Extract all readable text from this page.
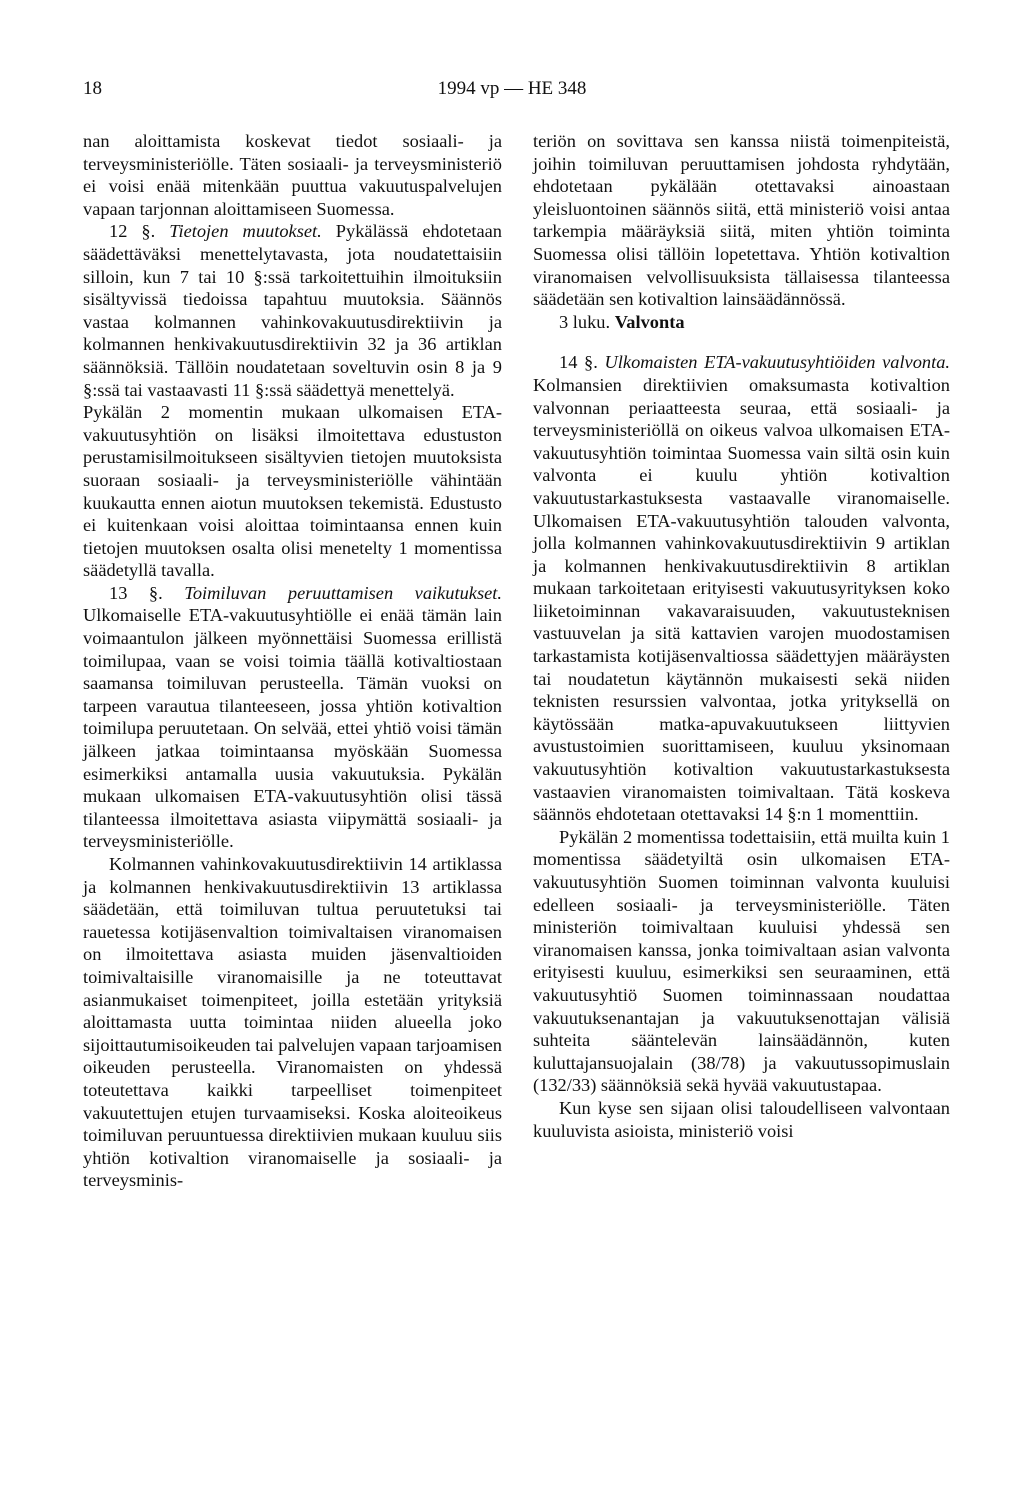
18	1994 vp — HE 348

nan aloittamista koskevat tiedot sosiaali- ja terveysministeriölle. Täten sosiaali- ja terveysministeriö ei voisi enää mitenkään puuttua vakuutuspalvelujen vapaan tarjonnan aloittamiseen Suomessa.

12 §. Tietojen muutokset. Pykälässä ehdotetaan säädettäväksi menettelytavasta, jota noudatettaisiin silloin, kun 7 tai 10 §:ssä tarkoitettuihin ilmoituksiin sisältyvissä tiedoissa tapahtuu muutoksia. Säännös vastaa kolmannen vahinkovakuutusdirektiivin ja kolmannen henkivakuutusdirektiivin 32 ja 36 artiklan säännöksiä. Tällöin noudatetaan soveltuvin osin 8 ja 9 §:ssä tai vastaavasti 11 §:ssä säädettyä menettelyä.

Pykälän 2 momentin mukaan ulkomaisen ETA-vakuutusyhtiön on lisäksi ilmoitettava edustuston perustamisilmoitukseen sisältyvien tietojen muutoksista suoraan sosiaali- ja terveysministeriölle vähintään kuukautta ennen aiotun muutoksen tekemistä. Edustusto ei kuitenkaan voisi aloittaa toimintaansa ennen kuin tietojen muutoksen osalta olisi menetelty 1 momentissa säädetyllä tavalla.

13 §. Toimiluvan peruuttamisen vaikutukset. Ulkomaiselle ETA-vakuutusyhtiölle ei enää tämän lain voimaantulon jälkeen myönnettäisi Suomessa erillistä toimilupaa, vaan se voisi toimia täällä kotivaltiostaan saamansa toimiluvan perusteella. Tämän vuoksi on tarpeen varautua tilanteeseen, jossa yhtiön kotivaltion toimilupa peruutetaan. On selvää, ettei yhtiö voisi tämän jälkeen jatkaa toimintaansa myöskään Suomessa esimerkiksi antamalla uusia vakuutuksia. Pykälän mukaan ulkomaisen ETA-vakuutusyhtiön olisi tässä tilanteessa ilmoitettava asiasta viipymättä sosiaali- ja terveysministeriölle.

Kolmannen vahinkovakuutusdirektiivin 14 artiklassa ja kolmannen henkivakuutusdirektiivin 13 artiklassa säädetään, että toimiluvan tultua peruutetuksi tai rauetessa kotijäsenvaltion toimivaltaisen viranomaisen on ilmoitettava asiasta muiden jäsenvaltioiden toimivaltaisille viranomaisille ja ne toteuttavat asianmukaiset toimenpiteet, joilla estetään yrityksiä aloittamasta uutta toimintaa niiden alueella joko sijoittautumisoikeuden tai palvelujen vapaan tarjoamisen oikeuden perusteella. Viranomaisten on yhdessä toteutettava kaikki tarpeelliset toimenpiteet vakuutettujen etujen turvaamiseksi. Koska aloiteoikeus toimiluvan peruuntuessa direktiivien mukaan kuuluu siis yhtiön kotivaltion viranomaiselle ja sosiaali- ja terveysminis-

teriön on sovittava sen kanssa niistä toimenpiteistä, joihin toimiluvan peruuttamisen johdosta ryhdytään, ehdotetaan pykälään otettavaksi ainoastaan yleisluontoinen säännös siitä, että ministeriö voisi antaa tarkempia määräyksiä siitä, miten yhtiön toiminta Suomessa olisi tällöin lopetettava. Yhtiön kotivaltion viranomaisen velvollisuuksista tällaisessa tilanteessa säädetään sen kotivaltion lainsäädännössä.

3 luku. Valvonta

14 §. Ulkomaisten ETA-vakuutusyhtiöiden valvonta. Kolmansien direktiivien omaksumasta kotivaltion valvonnan periaatteesta seuraa, että sosiaali- ja terveysministeriöllä on oikeus valvoa ulkomaisen ETA-vakuutusyhtiön toimintaa Suomessa vain siltä osin kuin valvonta ei kuulu yhtiön kotivaltion vakuutustarkastuksesta vastaavalle viranomaiselle. Ulkomaisen ETA-vakuutusyhtiön talouden valvonta, jolla kolmannen vahinkovakuutusdirektiivin 9 artiklan ja kolmannen henkivakuutusdirektiivin 8 artiklan mukaan tarkoitetaan erityisesti vakuutusyrityksen koko liiketoiminnan vakavaraisuuden, vakuutusteknisen vastuuvelan ja sitä kattavien varojen muodostamisen tarkastamista kotijäsenvaltiossa säädettyjen määräysten tai noudatetun käytännön mukaisesti sekä niiden teknisten resurssien valvontaa, jotka yrityksellä on käytössään matka-apuvakuutukseen liittyvien avustustoimien suorittamiseen, kuuluu yksinomaan vakuutusyhtiön kotivaltion vakuutustarkastuksesta vastaavien viranomaisten toimivaltaan. Tätä koskeva säännös ehdotetaan otettavaksi 14 §:n 1 momenttiin.

Pykälän 2 momentissa todettaisiin, että muilta kuin 1 momentissa säädetyiltä osin ulkomaisen ETA-vakuutusyhtiön Suomen toiminnan valvonta kuuluisi edelleen sosiaali- ja terveysministeriölle. Täten ministeriön toimivaltaan kuuluisi yhdessä sen viranomaisen kanssa, jonka toimivaltaan asian valvonta erityisesti kuuluu, esimerkiksi sen seuraaminen, että vakuutusyhtiö Suomen toiminnassaan noudattaa vakuutuksenantajan ja vakuutuksenottajan välisiä suhteita sääntelevän lainsäädännön, kuten kuluttajansuojalain (38/78) ja vakuutussopimuslain (132/33) säännöksiä sekä hyvää vakuutustapaa.

Kun kyse sen sijaan olisi taloudelliseen valvontaan kuuluvista asioista, ministeriö voisi
